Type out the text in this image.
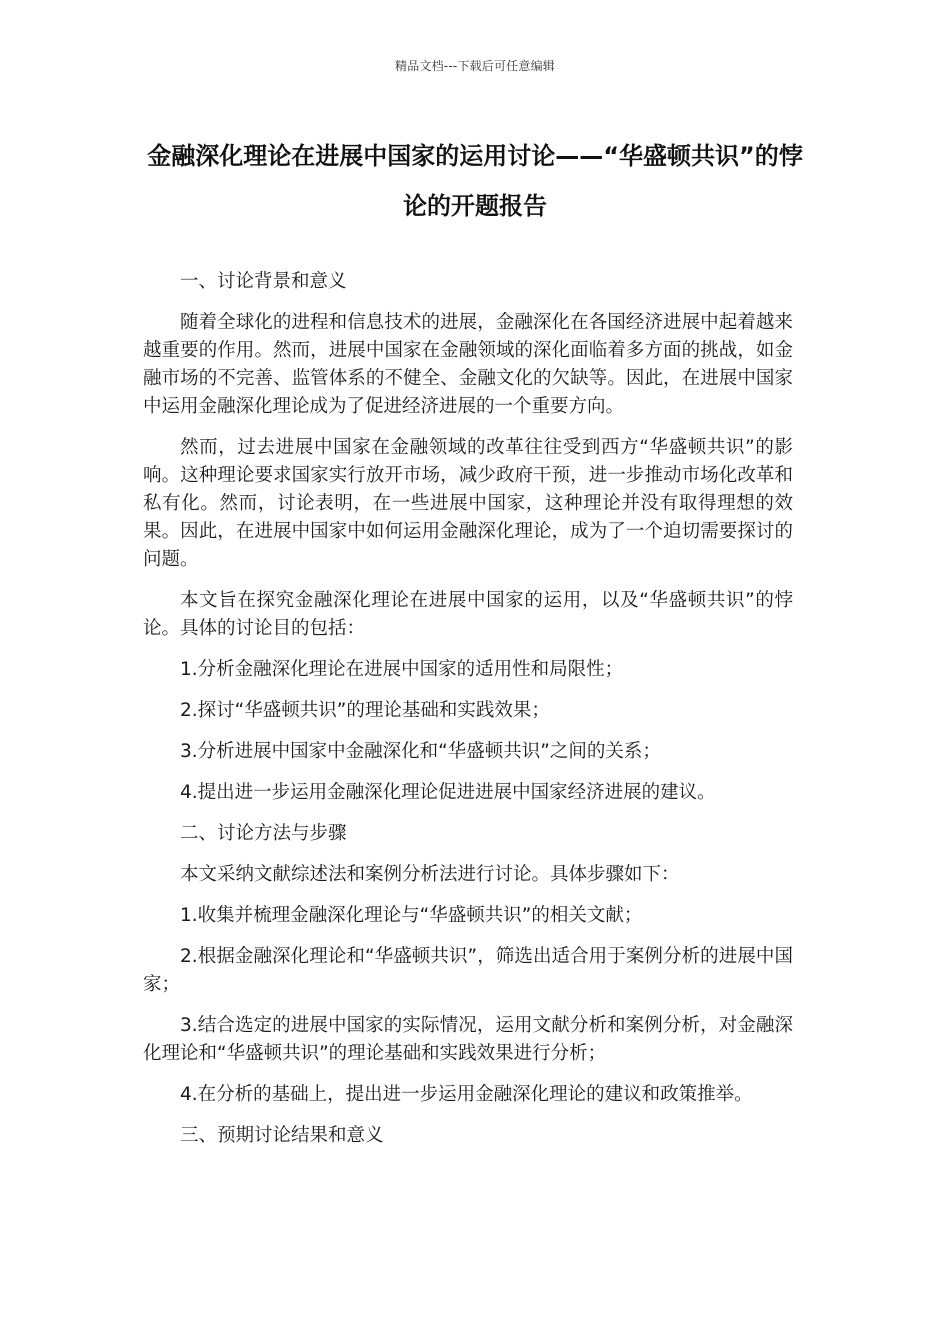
精品文档---下载后可任意编辑
金融深化理论在进展中国家的运用讨论——“华盛顿共识”的悖论的开题报告

一、讨论背景和意义

随着全球化的进程和信息技术的进展，金融深化在各国经济进展中起着越来越重要的作用。然而，进展中国家在金融领域的深化面临着多方面的挑战，如金融市场的不完善、监管体系的不健全、金融文化的欠缺等。因此，在进展中国家中运用金融深化理论成为了促进经济进展的一个重要方向。

然而，过去进展中国家在金融领域的改革往往受到西方“华盛顿共识”的影响。这种理论要求国家实行放开市场，减少政府干预，进一步推动市场化改革和私有化。然而，讨论表明，在一些进展中国家，这种理论并没有取得理想的效果。因此，在进展中国家中如何运用金融深化理论，成为了一个迫切需要探讨的问题。

本文旨在探究金融深化理论在进展中国家的运用，以及“华盛顿共识”的悖论。具体的讨论目的包括：

1.分析金融深化理论在进展中国家的适用性和局限性；

2.探讨“华盛顿共识”的理论基础和实践效果；

3.分析进展中国家中金融深化和“华盛顿共识”之间的关系；

4.提出进一步运用金融深化理论促进进展中国家经济进展的建议。

二、讨论方法与步骤

本文采纳文献综述法和案例分析法进行讨论。具体步骤如下：

1.收集并梳理金融深化理论与“华盛顿共识”的相关文献；

2.根据金融深化理论和“华盛顿共识”，筛选出适合用于案例分析的进展中国家；

3.结合选定的进展中国家的实际情况，运用文献分析和案例分析，对金融深化理论和“华盛顿共识”的理论基础和实践效果进行分析；

4.在分析的基础上，提出进一步运用金融深化理论的建议和政策推举。

三、预期讨论结果和意义
